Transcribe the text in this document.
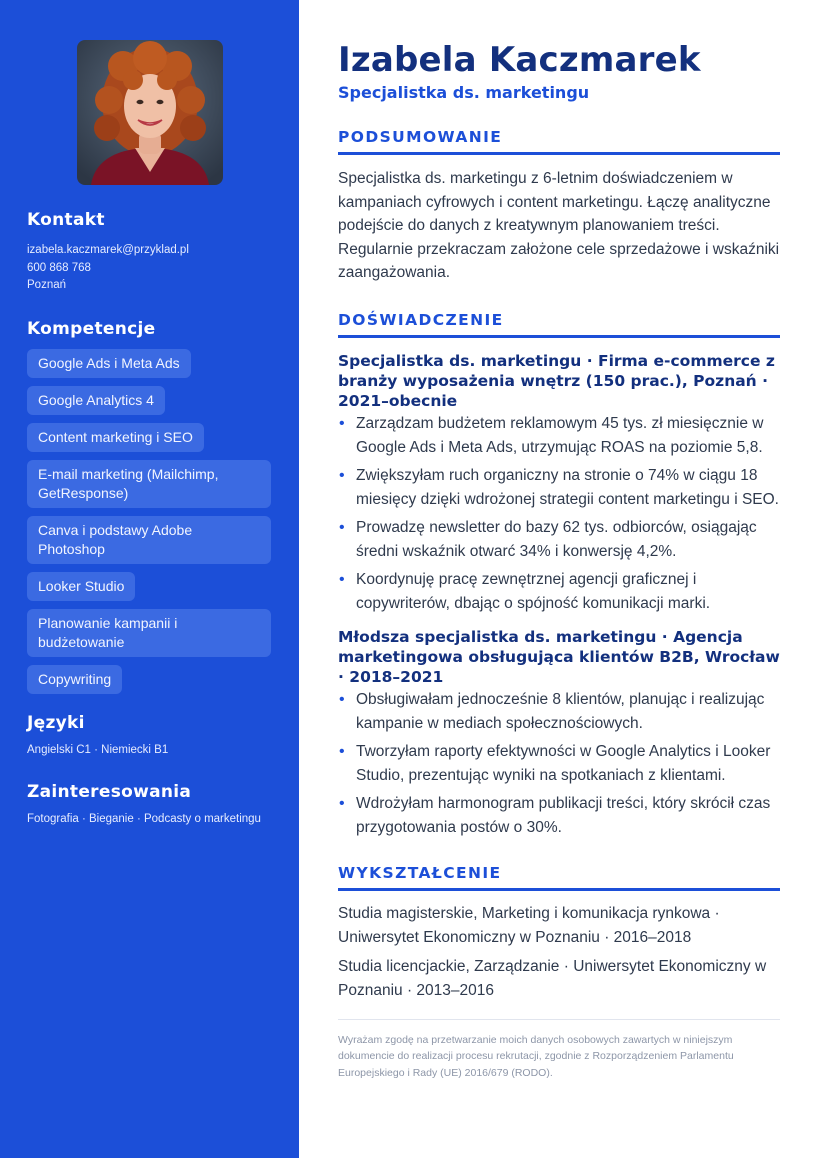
Kontakt
izabela.kaczmarek@przyklad.pl
600 868 768
Poznań
Kompetencje
Google Ads i Meta Ads
Google Analytics 4
Content marketing i SEO
E-mail marketing (Mailchimp, GetResponse)
Canva i podstawy Adobe Photoshop
Looker Studio
Planowanie kampanii i budżetowanie
Copywriting
Języki
Angielski C1 · Niemiecki B1
Zainteresowania
Fotografia · Bieganie · Podcasty o marketingu
Izabela Kaczmarek
Specjalistka ds. marketingu
PODSUMOWANIE

Specjalistka ds. marketingu z 6-letnim doświadczeniem w kampaniach cyfrowych i content marketingu. Łączę analityczne podejście do danych z kreatywnym planowaniem treści. Regularnie przekraczam założone cele sprzedażowe i wskaźniki zaangażowania.

DOŚWIADCZENIE
Specjalistka ds. marketingu · Firma e-commerce z branży wyposażenia wnętrz (150 prac.), Poznań · 2021–obecnie
• Zarządzam budżetem reklamowym 45 tys. zł miesięcznie w Google Ads i Meta Ads, utrzymując ROAS na poziomie 5,8.
• Zwiększyłam ruch organiczny na stronie o 74% w ciągu 18 miesięcy dzięki wdrożonej strategii content marketingu i SEO.
• Prowadzę newsletter do bazy 62 tys. odbiorców, osiągając średni wskaźnik otwarć 34% i konwersję 4,2%.
• Koordynuję pracę zewnętrznej agencji graficznej i copywriterów, dbając o spójność komunikacji marki.
Młodsza specjalistka ds. marketingu · Agencja marketingowa obsługująca klientów B2B, Wrocław · 2018–2021
• Obsługiwałam jednocześnie 8 klientów, planując i realizując kampanie w mediach społecznościowych.
• Tworzyłam raporty efektywności w Google Analytics i Looker Studio, prezentując wyniki na spotkaniach z klientami.
• Wdrożyłam harmonogram publikacji treści, który skrócił czas przygotowania postów o 30%.
WYKSZTAŁCENIE
Studia magisterskie, Marketing i komunikacja rynkowa · Uniwersytet Ekonomiczny w Poznaniu · 2016–2018
Studia licencjackie, Zarządzanie · Uniwersytet Ekonomiczny w Poznaniu · 2013–2016

Wyrażam zgodę na przetwarzanie moich danych osobowych zawartych w niniejszym dokumencie do realizacji procesu rekrutacji, zgodnie z Rozporządzeniem Parlamentu Europejskiego i Rady (UE) 2016/679 (RODO).
